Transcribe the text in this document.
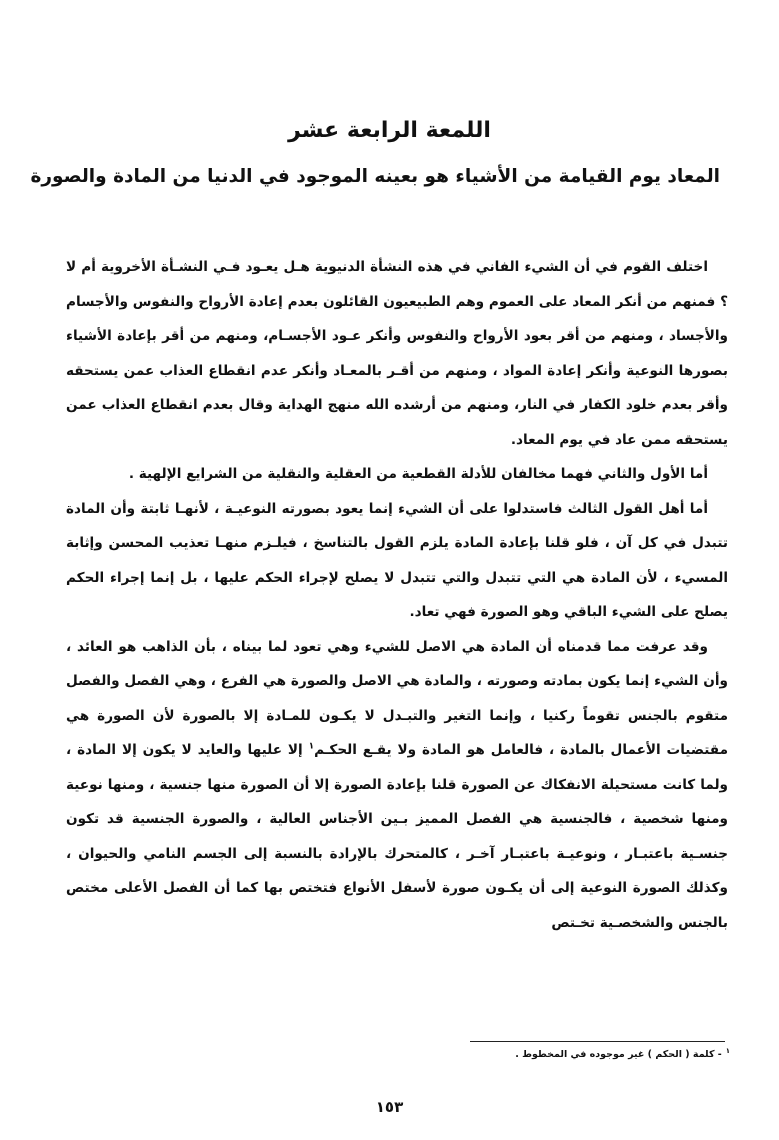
اللمعة الرابعة عشر
المعاد يوم القيامة من الأشياء هو بعينه الموجود في الدنيا من المادة والصورة

اختلف القوم في أن الشيء الفاني في هذه النشأة الدنيوية هـل يعـود فـي النشـأة الأخروية أم لا ؟ فمنهم من أنكر المعاد على العموم وهم الطبيعيون القائلون بعدم إعادة الأرواح والنفوس والأجسام والأجساد ، ومنهم من أقر بعود الأرواح والنفوس وأنكر عـود الأجسـام، ومنهم من أقر بإعادة الأشياء بصورها النوعية وأنكر إعادة المواد ، ومنهم من أقـر بالمعـاد وأنكر عدم انقطاع العذاب عمن يستحقه وأقر بعدم خلود الكفار في النار، ومنهم من أرشده الله منهج الهداية وقال بعدم انقطاع العذاب عمن يستحقه ممن عاد في يوم المعاد.

أما الأول والثاني فهما مخالفان للأدلة القطعية من العقلية والنقلية من الشرايع الإلهية .

أما أهل القول الثالث فاستدلوا على أن الشيء إنما يعود بصورته النوعيـة ، لأنهـا ثابتة وأن المادة تتبدل في كل آن ، فلو قلنا بإعادة المادة يلزم القول بالتناسخ ، فيلـزم منهـا تعذيب المحسن وإثابة المسيء ، لأن المادة هي التي تتبدل والتي تتبدل لا يصلح لإجراء الحكم عليها ، بل إنما إجراء الحكم يصلح على الشيء الباقي وهو الصورة فهي تعاد.

وقد عرفت مما قدمناه أن المادة هي الاصل للشيء وهي تعود لما بيناه ، بأن الذاهب هو العائد ، وأن الشيء إنما يكون بمادته وصورته ، والمادة هي الاصل والصورة هي الفرع ، وهي الفصل والفصل متقوم بالجنس تقوماً ركنيا ، وإنما التغير والتبـدل لا يكـون للمـادة إلا بالصورة لأن الصورة هي مقتضيات الأعمال بالمادة ، فالعامل هو المادة ولا يقـع الحكـم$^١$ إلا عليها والعايد لا يكون إلا المادة ، ولما كانت مستحيلة الانفكاك عن الصورة قلنا بإعادة الصورة إلا أن الصورة منها جنسية ، ومنها نوعية ومنها شخصية ، فالجنسية هي الفصل المميز بـين الأجناس العالية ، والصورة الجنسية قد تكون جنسـية باعتبـار ، ونوعيـة باعتبـار آخـر ، كالمتحرك بالإرادة بالنسبة إلى الجسم النامي والحيوان ، وكذلك الصورة النوعية إلى أن يكـون صورة لأسفل الأنواع فتختص بها كما أن الفصل الأعلى مختص بالجنس والشخصـية تخـتص

$^١$- كلمة ( الحكم ) غير موجوده في المخطوط .
١٥٣
